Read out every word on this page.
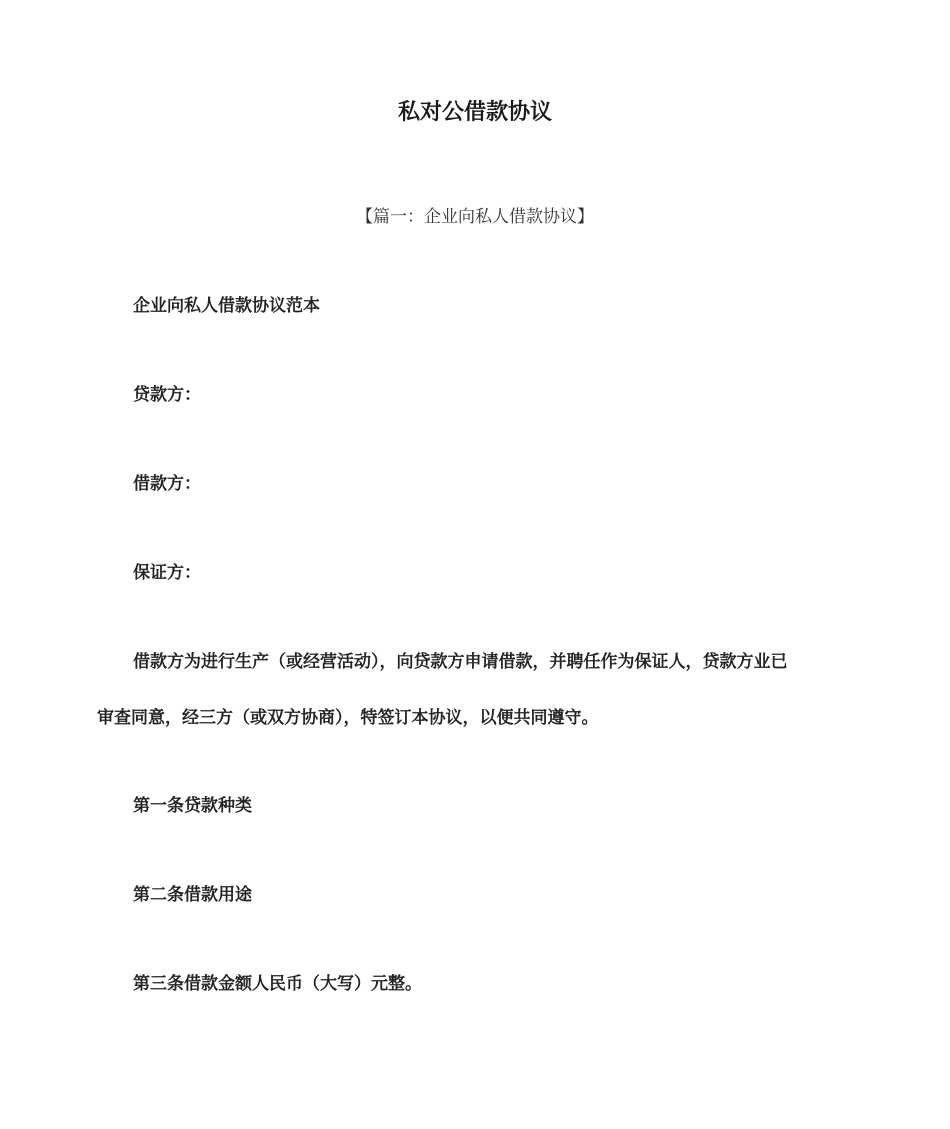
私对公借款协议
【篇一：企业向私人借款协议】
企业向私人借款协议范本
贷款方：
借款方：
保证方：
借款方为进行生产（或经营活动），向贷款方申请借款，并聘任作为保证人，贷款方业已
审查同意，经三方（或双方协商），特签订本协议，以便共同遵守。
第一条贷款种类
第二条借款用途
第三条借款金额人民币（大写）元整。
